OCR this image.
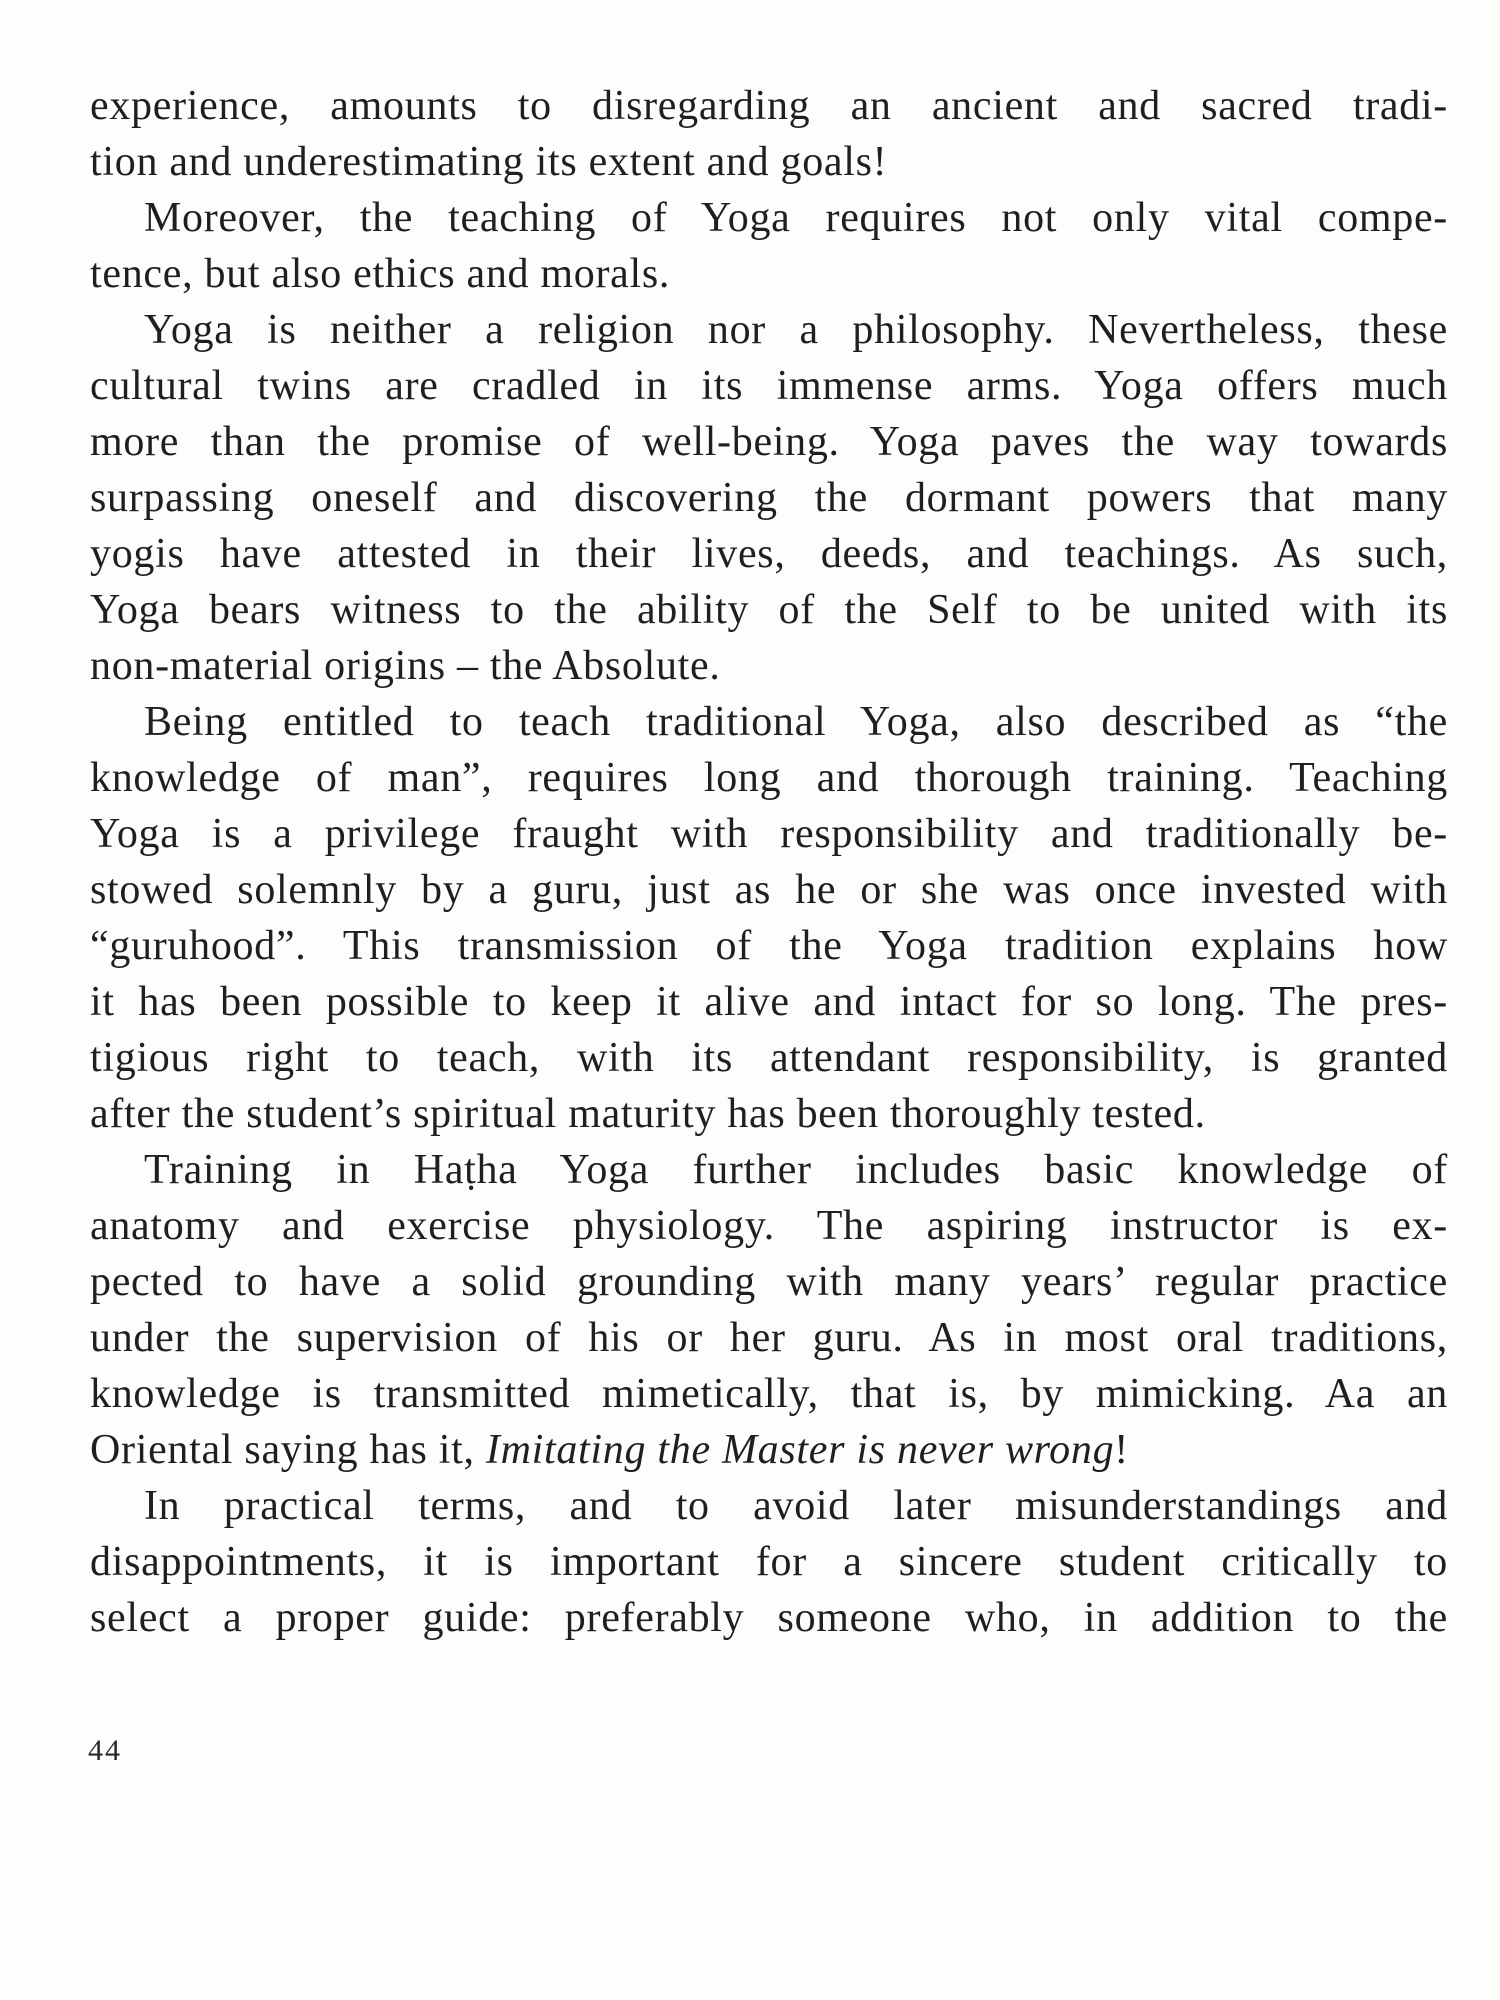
experience, amounts to disregarding an ancient and sacred tradi-
tion and underestimating its extent and goals!
Moreover, the teaching of Yoga requires not only vital compe-
tence, but also ethics and morals.
Yoga is neither a religion nor a philosophy. Nevertheless, these
cultural twins are cradled in its immense arms. Yoga offers much
more than the promise of well-being. Yoga paves the way towards
surpassing oneself and discovering the dormant powers that many
yogis have attested in their lives, deeds, and teachings. As such,
Yoga bears witness to the ability of the Self to be united with its
non-material origins – the Absolute.
Being entitled to teach traditional Yoga, also described as “the
knowledge of man”, requires long and thorough training. Teaching
Yoga is a privilege fraught with responsibility and traditionally be-
stowed solemnly by a guru, just as he or she was once invested with
“guruhood”. This transmission of the Yoga tradition explains how
it has been possible to keep it alive and intact for so long. The pres-
tigious right to teach, with its attendant responsibility, is granted
after the student’s spiritual maturity has been thoroughly tested.
Training in Haṭha Yoga further includes basic knowledge of
anatomy and exercise physiology. The aspiring instructor is ex-
pected to have a solid grounding with many years’ regular practice
under the supervision of his or her guru. As in most oral traditions,
knowledge is transmitted mimetically, that is, by mimicking. Aa an
Oriental saying has it, Imitating the Master is never wrong!
In practical terms, and to avoid later misunderstandings and
disappointments, it is important for a sincere student critically to
select a proper guide: preferably someone who, in addition to the
44
